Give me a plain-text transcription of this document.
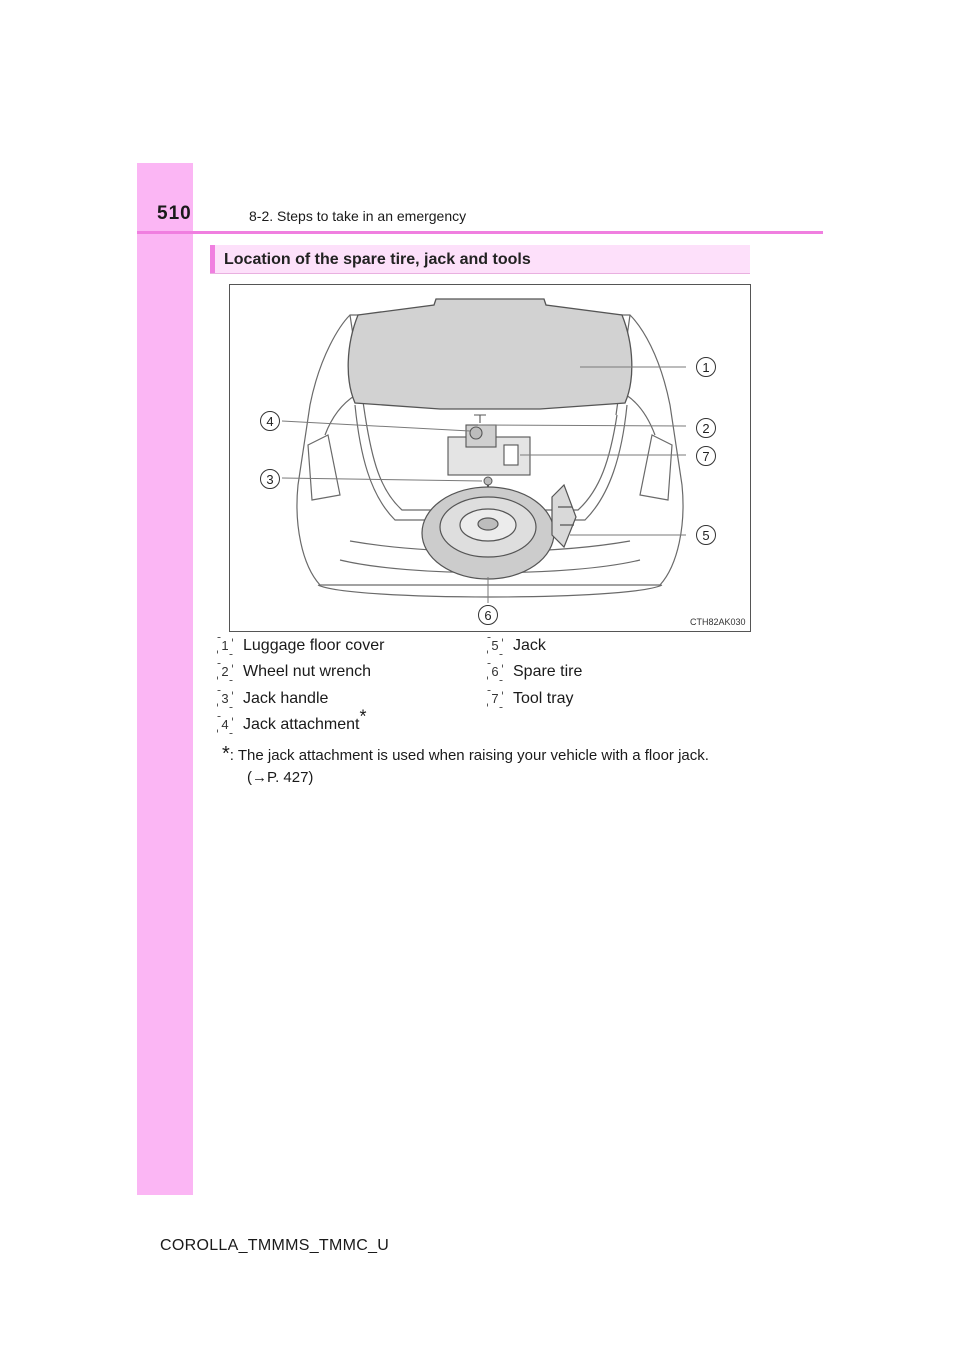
510	8-2. Steps to take in an emergency
Location of the spare tire, jack and tools
CTH82AK030
1
2
7
4
3
5
6
1 Luggage floor cover
2 Wheel nut wrench
3 Jack handle
4 Jack attachment*
5 Jack
6 Spare tire
7 Tool tray
*: The jack attachment is used when raising your vehicle with a floor jack.
(→P. 427)
COROLLA_TMMMS_TMMC_U
